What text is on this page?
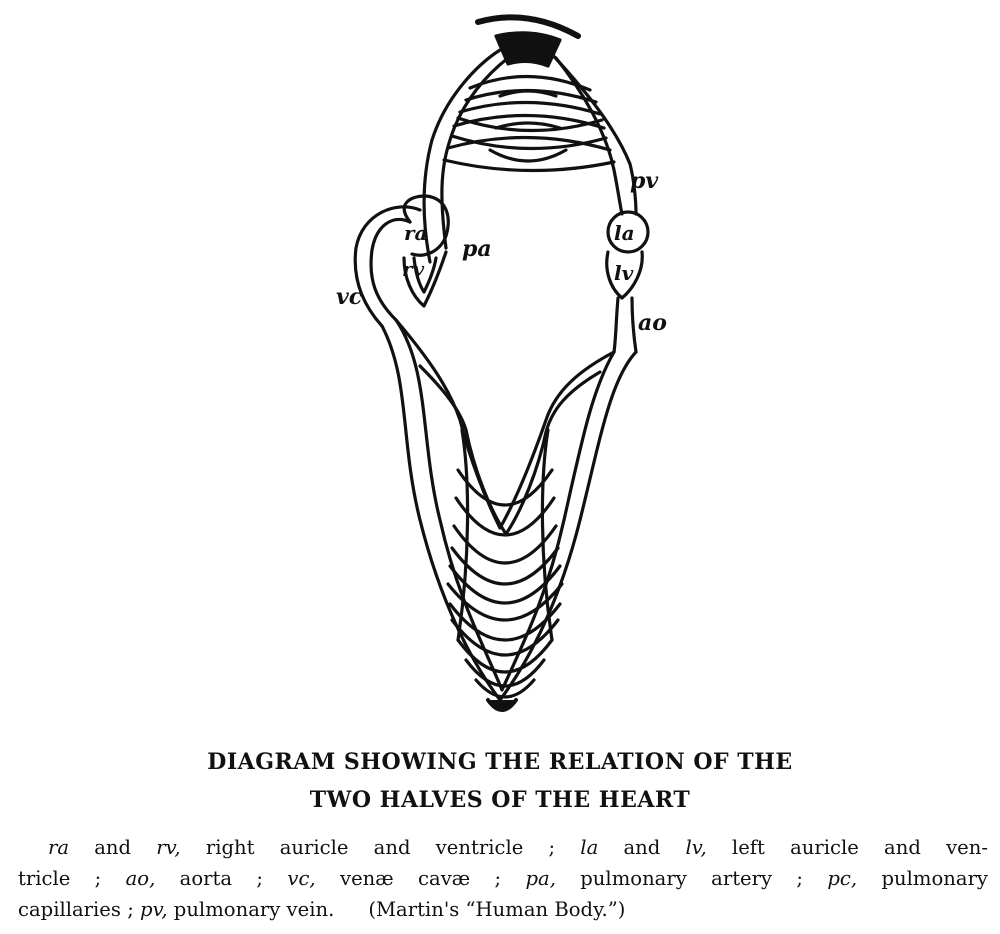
pc
pv
ra
rv
pa
la
lv
vc
ao
DIAGRAM SHOWING THE RELATION OF THE
TWO HALVES OF THE HEART
ra and rv, right auricle and ventricle ; la and lv, left auricle and ven-
tricle ; ao, aorta ; vc, venæ cavæ ; pa, pulmonary artery ; pc, pulmonary
capillaries ; pv, pulmonary vein. (Martin's “Human Body.”)
